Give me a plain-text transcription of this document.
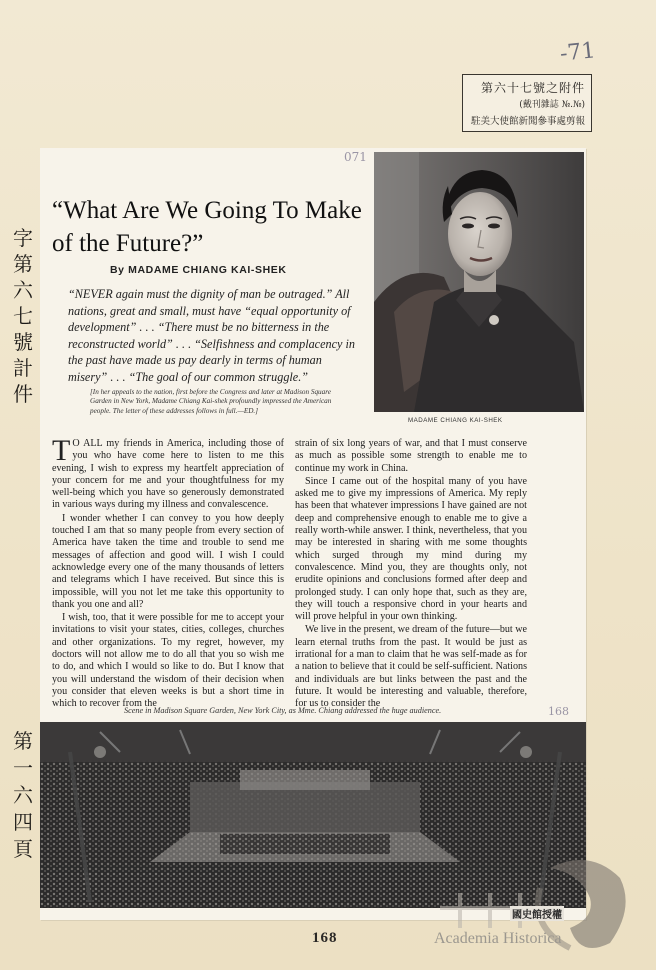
-71
第六十七號之附件
(戴刊雜誌 №.№)
駐美大使館新聞參事處剪報
字第六七號計件
第一六四頁
071
“What Are We Going To Make of the Future?”
By MADAME CHIANG KAI-SHEK
“NEVER again must the dignity of man be outraged.” All nations, great and small, must have “equal opportunity of development” . . . “There must be no bitterness in the reconstructed world” . . . “Selfishness and complacency in the past have made us pay dearly in terms of human misery” . . . “The goal of our common struggle.”
[In her appeals to the nation, first before the Congress and later at Madison Square Garden in New York, Madame Chiang Kai-shek profoundly impressed the American people. The letter of these addresses follows in full.—ED.]
MADAME CHIANG KAI-SHEK

T O ALL my friends in America, including those of you who have come here to listen to me this evening, I wish to express my heartfelt appreciation of your concern for me and your thoughtfulness for my well-being which you have so generously demonstrated in various ways during my illness and convalescence.

I wonder whether I can convey to you how deeply touched I am that so many people from every section of America have taken the time and trouble to send me messages of affection and good will. I wish I could acknowledge every one of the many thousands of letters and telegrams which I have received. But since this is impossible, will you not let me take this opportunity to thank you one and all?

I wish, too, that it were possible for me to accept your invitations to visit your states, cities, colleges, churches and other organizations. To my regret, however, my doctors will not allow me to do all that you so wish me to do, and which I would so like to do. But I know that you will understand the wisdom of their decision when you consider that eleven weeks is but a short time in which to recover from the

strain of six long years of war, and that I must conserve as much as possible some strength to enable me to continue my work in China.

Since I came out of the hospital many of you have asked me to give my impressions of America. My reply has been that whatever impressions I have gained are not deep and comprehensive enough to enable me to give a really worth-while answer. I think, nevertheless, that you may be interested in sharing with me some thoughts which surged through my mind during my convalescence. Mind you, they are thoughts only, not erudite opinions and conclusions formed after deep and prolonged study. I can only hope that, such as they are, they will touch a responsive chord in your hearts and will prove helpful in your own thinking.

We live in the present, we dream of the future—but we learn eternal truths from the past. It would be just as irrational for a man to claim that he was self-made as for a nation to believe that it could be self-sufficient. Nations and individuals are but links between the past and the future. It would be interesting and valuable, therefore, for us to consider the

Scene in Madison Square Garden, New York City, as Mme. Chiang addressed the huge audience.	168
168
國史館授權
Academia Historica
